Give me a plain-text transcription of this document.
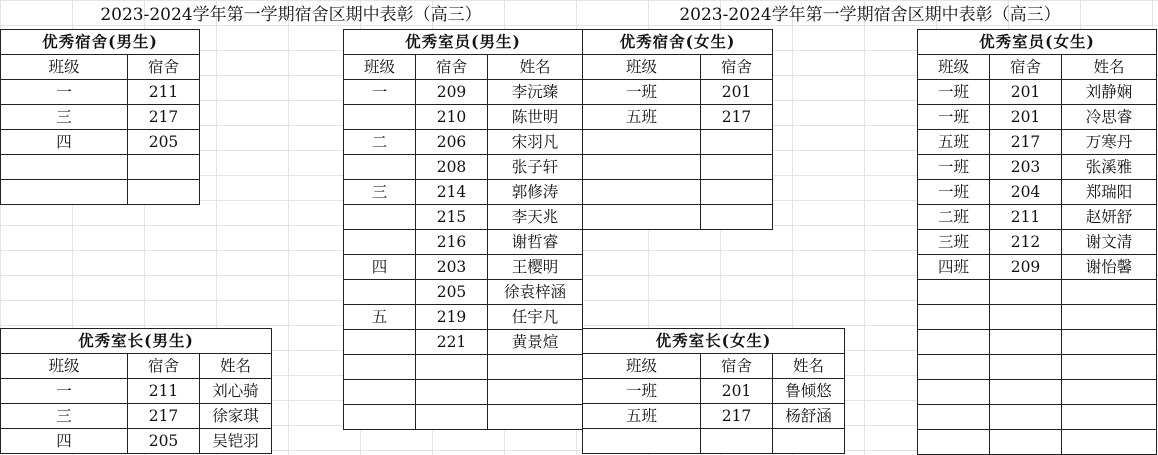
2023-2024学年第一学期宿舍区期中表彰（高三）	2023-2024学年第一学期宿舍区期中表彰（高三）
优秀宿舍(男生)	
班级	宿舍
一	211
三	217
四	205

优秀室员(男生)		
班级	宿舍	姓名
一	209	李沅臻
	210	陈世明
二	206	宋羽凡
	208	张子轩
三	214	郭修涛
	215	李天兆
	216	谢哲睿
四	203	王樱明
	205	徐袁梓涵
五	219	任宇凡
	221	黄景煊

优秀宿舍(女生)	
班级	宿舍
一班	201
五班	217

优秀室员(女生)		
班级	宿舍	姓名
一班	201	刘静娴
一班	201	冷思睿
五班	217	万寒丹
一班	203	张溪雅
一班	204	郑瑞阳
二班	211	赵妍舒
三班	212	谢文清
四班	209	谢怡馨

优秀室长(男生)		
班级	宿舍	姓名
一	211	刘心骑
三	217	徐家琪
四	205	吴铠羽
优秀室长(女生)		
班级	宿舍	姓名
一班	201	鲁倾悠
五班	217	杨舒涵
